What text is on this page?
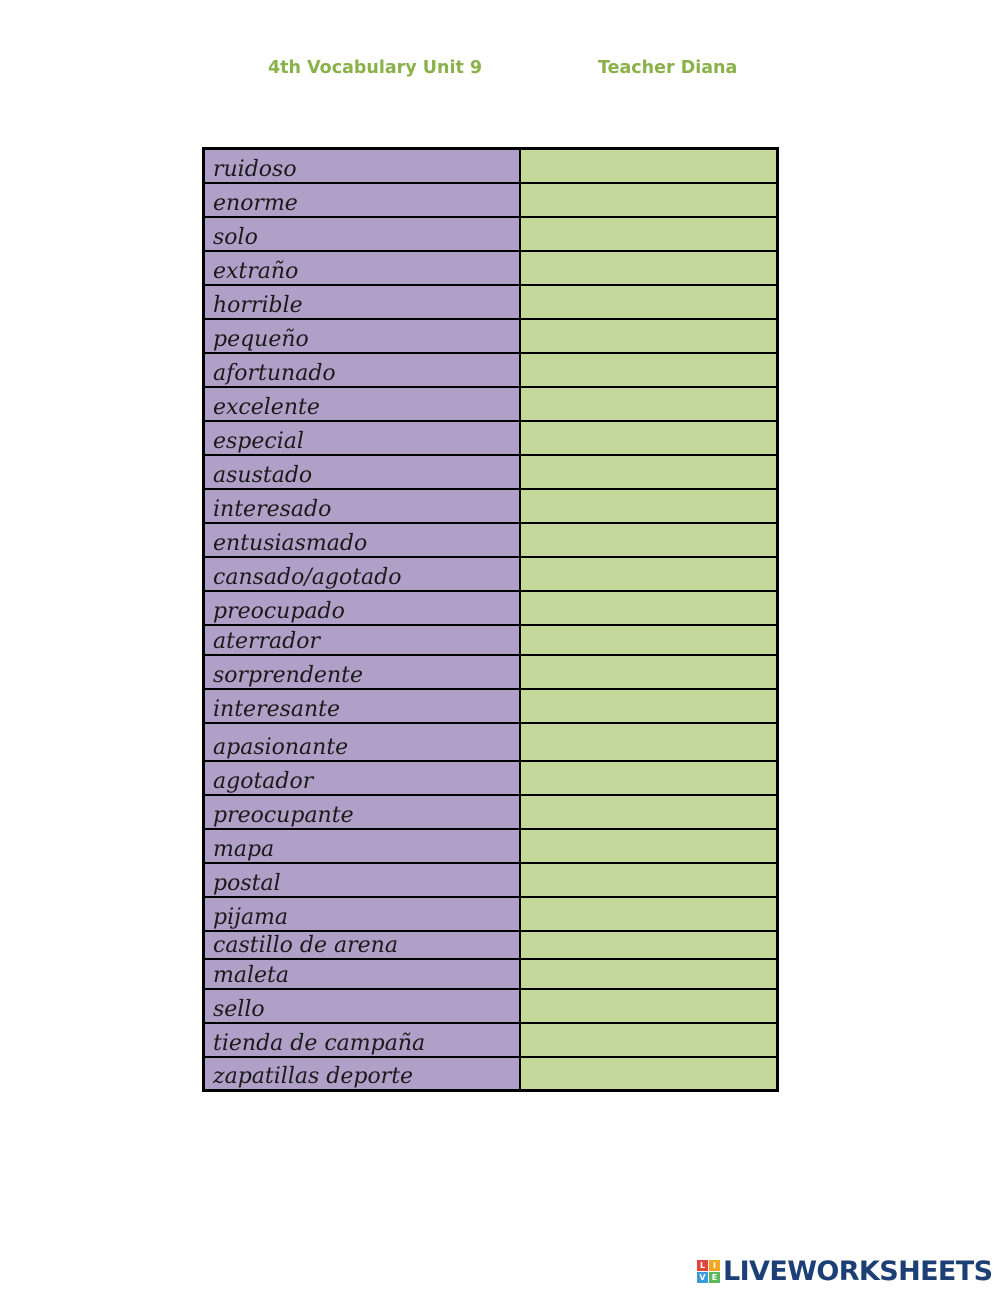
4th Vocabulary Unit 9	Teacher Diana
ruidoso	
enorme	
solo	
extraño	
horrible	
pequeño	
afortunado	
excelente	
especial	
asustado	
interesado	
entusiasmado	
cansado/agotado	
preocupado	
aterrador	
sorprendente	
interesante	
apasionante	
agotador	
preocupante	
mapa	
postal	
pijama	
castillo de arena	
maleta	
sello	
tienda de campaña	
zapatillas deporte	
L I
V E LIVEWORKSHEETS
